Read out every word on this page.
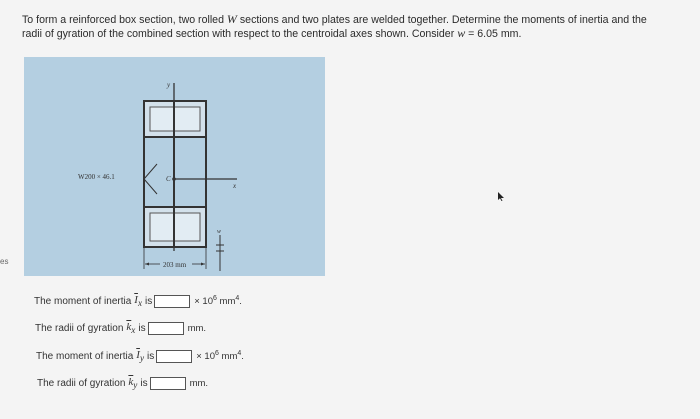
To form a reinforced box section, two rolled W sections and two plates are welded together. Determine the moments of inertia and the
radii of gyration of the combined section with respect to the centroidal axes shown. Consider w = 6.05 mm.
es
y
x
C
W200 × 46.1
w
203 mm
The moment of inertia $\overline{I}_x$ is	× $10^6$ $mm^4$.
The radii of gyration $\overline{k}_x$ is	mm.
The moment of inertia $\overline{I}_y$ is	× $10^6$ $mm^4$.
The radii of gyration $\overline{k}_y$ is	mm.
